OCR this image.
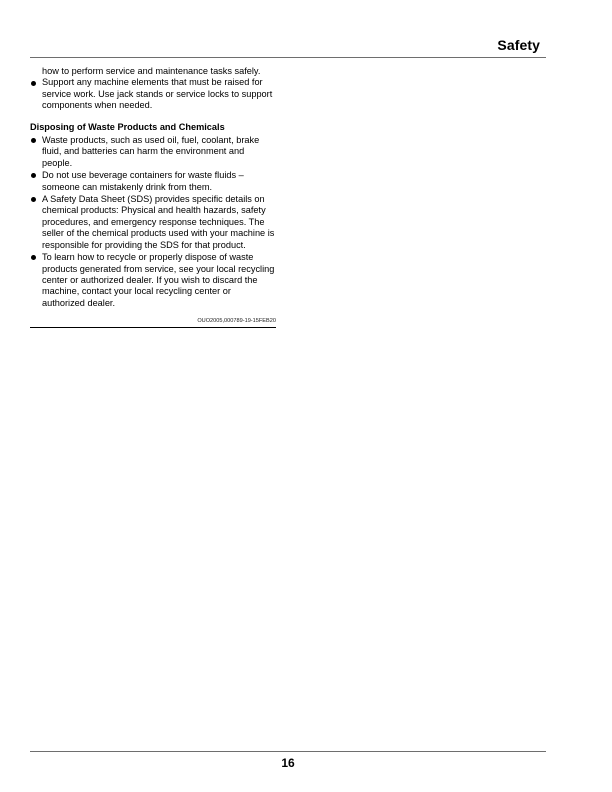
Safety
how to perform service and maintenance tasks safely.
Support any machine elements that must be raised for service work. Use jack stands or service locks to support components when needed.
Disposing of Waste Products and Chemicals
Waste products, such as used oil, fuel, coolant, brake fluid, and batteries can harm the environment and people.
Do not use beverage containers for waste fluids – someone can mistakenly drink from them.
A Safety Data Sheet (SDS) provides specific details on chemical products: Physical and health hazards, safety procedures, and emergency response techniques. The seller of the chemical products used with your machine is responsible for providing the SDS for that product.
To learn how to recycle or properly dispose of waste products generated from service, see your local recycling center or authorized dealer. If you wish to discard the machine, contact your local recycling center or authorized dealer.
OUO2005,000789-19-15FEB20
16
